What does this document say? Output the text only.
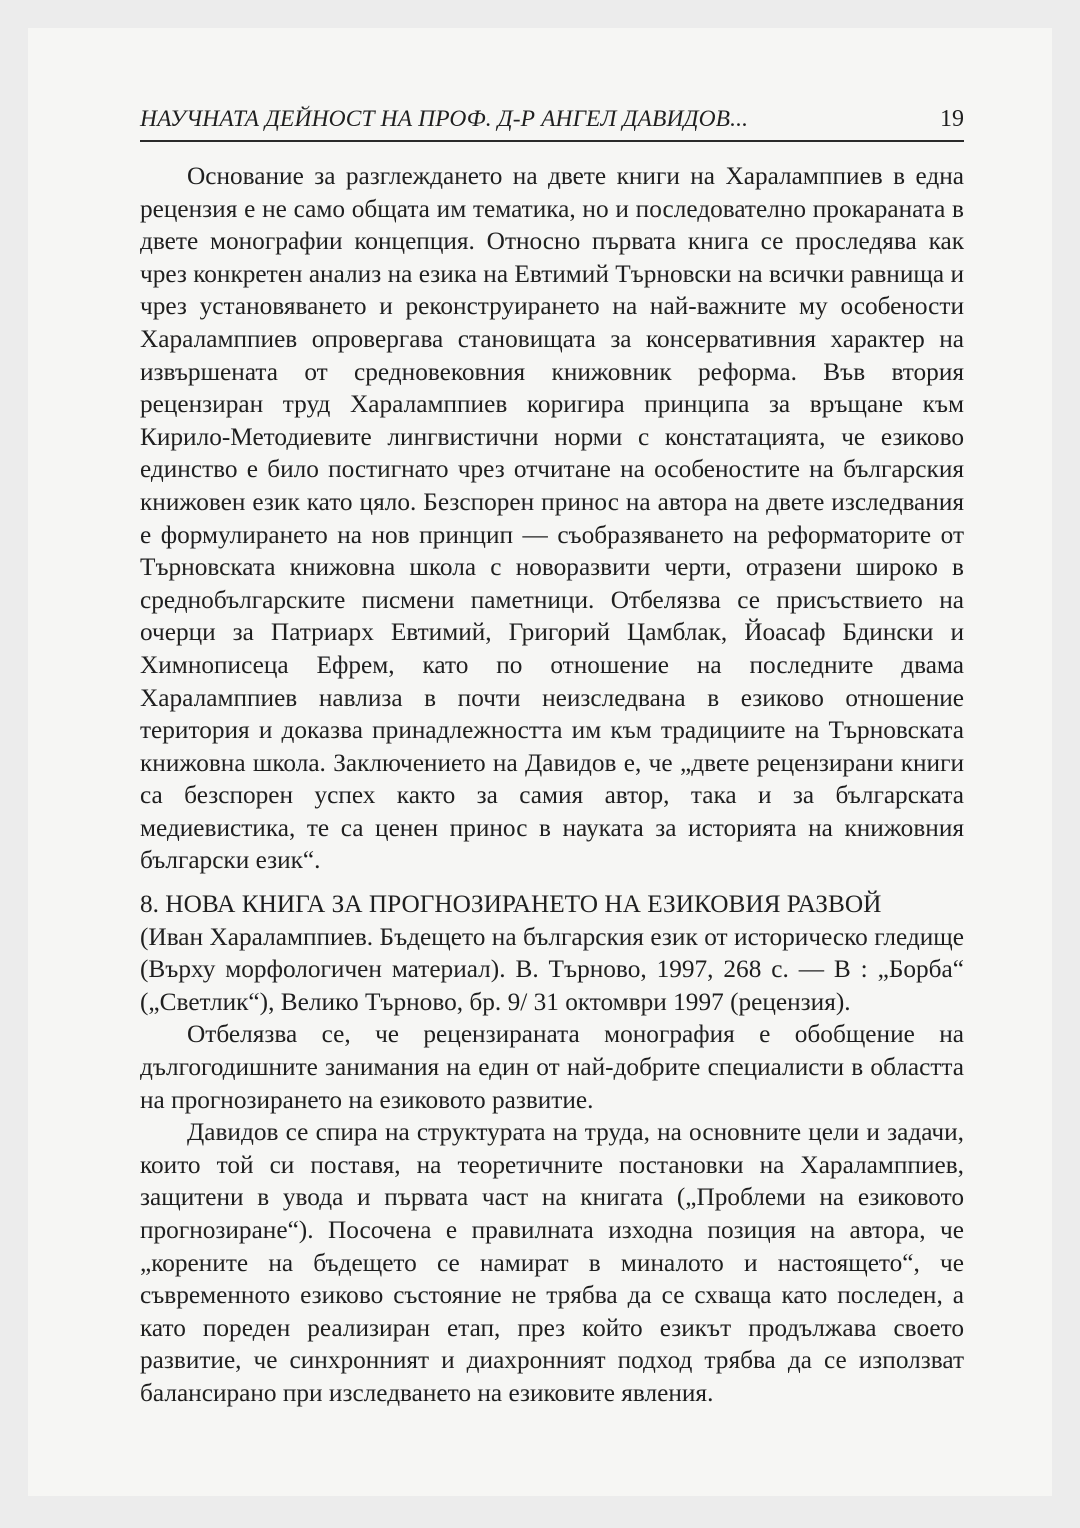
НАУЧНАТА ДЕЙНОСТ НА ПРОФ. Д-Р АНГЕЛ ДАВИДОВ...	19

Основание за разглеждането на двете книги на Хараламппиев в една рецензия е не само общата им тематика, но и последователно прокараната в двете монографии концепция. Относно първата книга се проследява как чрез конкретен анализ на езика на Евтимий Търновски на всички равнища и чрез установяването и реконструирането на най-важните му особености Хараламппиев опровергава становищата за консервативния характер на извършената от средновековния книжовник реформа. Във втория рецензиран труд Хараламппиев коригира принципа за връщане към Кирило-Методиевите лингвистични норми с констатацията, че езиково единство е било постигнато чрез отчитане на особеностите на българския книжовен език като цяло. Безспорен принос на автора на двете изследвания е формулирането на нов принцип — съобразяването на реформаторите от Търновската книжовна школа с новоразвити черти, отразени широко в среднобългарските писмени паметници. Отбелязва се присъствието на очерци за Патриарх Евтимий, Григорий Цамблак, Йоасаф Бдински и Химнописеца Ефрем, като по отношение на последните двама Хараламппиев навлиза в почти неизследвана в езиково отношение територия и доказва принадлежността им към традициите на Търновската книжовна школа. Заключението на Давидов е, че „двете рецензирани книги са безспорен успех както за самия автор, така и за българската медиевистика, те са ценен принос в науката за историята на книжовния български език“.

8. НОВА КНИГА ЗА ПРОГНОЗИРАНЕТО НА ЕЗИКОВИЯ РАЗВОЙ

(Иван Хараламппиев. Бъдещето на българския език от историческо гледище (Върху морфологичен материал). В. Търново, 1997, 268 с. — В : „Борба“ („Светлик“), Велико Търново, бр. 9/ 31 октомври 1997 (рецензия).

Отбелязва се, че рецензираната монография е обобщение на дългогодишните занимания на един от най-добрите специалисти в областта на прогнозирането на езиковото развитие.

Давидов се спира на структурата на труда, на основните цели и задачи, които той си поставя, на теоретичните постановки на Хараламппиев, защитени в увода и първата част на книгата („Проблеми на езиковото прогнозиране“). Посочена е правилната изходна позиция на автора, че „корените на бъдещето се намират в миналото и настоящето“, че съвременното езиково състояние не трябва да се схваща като последен, а като пореден реализиран етап, през който езикът продължава своето развитие, че синхронният и диахронният подход трябва да се използват балансирано при изследването на езиковите явления.
